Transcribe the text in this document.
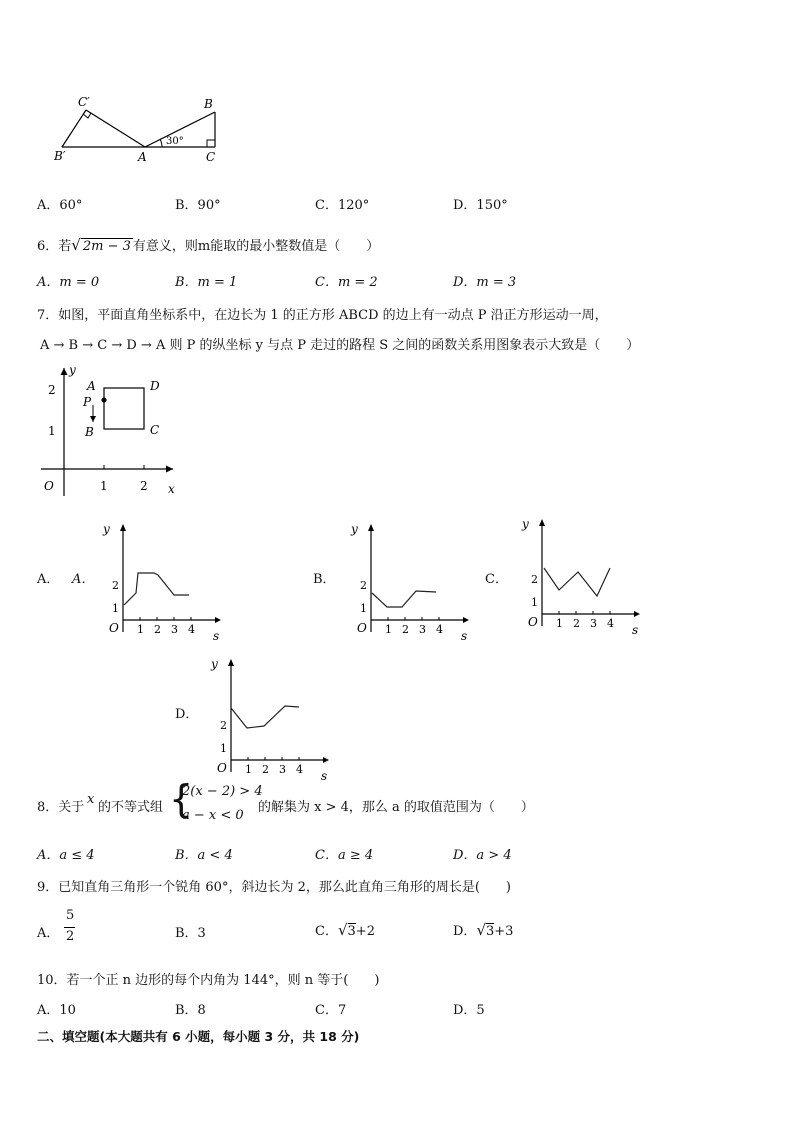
C′
B′	A
B
C
30°
A．60°	B．90°	C．120°	D．150°
6．若√ 2m − 3 有意义，则m能取的最小整数值是（　　）
A．m = 0	B．m = 1	C．m = 2	D．m = 3
7．如图，平面直角坐标系中，在边长为 1 的正方形 ABCD 的边上有一动点 P 沿正方形运动一周，
A → B → C → D → A 则 P 的纵坐标 y 与点 P 走过的路程 S 之间的函数关系用图象表示大致是（　　）
y
x
O	1	2
2
1
A
P
B	C
D
A． A．	B．	C．
D．
1 2 3 4
1
2
y
s
O	1 2 3 4
1
2
y
s
O	1 2 3 4
1
2
y
s
O
1 2 3 4
1
2
y
s
O
8．关于
x
的不等式组 {
2(x − 2) > 4
a − x < 0
的解集为 x > 4，那么 a 的取值范围为（　　）
A．a ≤ 4	B．a < 4	C．a ≥ 4	D．a > 4
9．已知直角三角形一个锐角 60°，斜边长为 2，那么此直角三角形的周长是(　　)
A．
5
2	B．3	C．√3+2	D．√3+3
10．若一个正 n 边形的每个内角为 144°，则 n 等于(　　)
A．10	B．8	C．7	D．5
二、填空题(本大题共有 6 小题，每小题 3 分，共 18 分)
